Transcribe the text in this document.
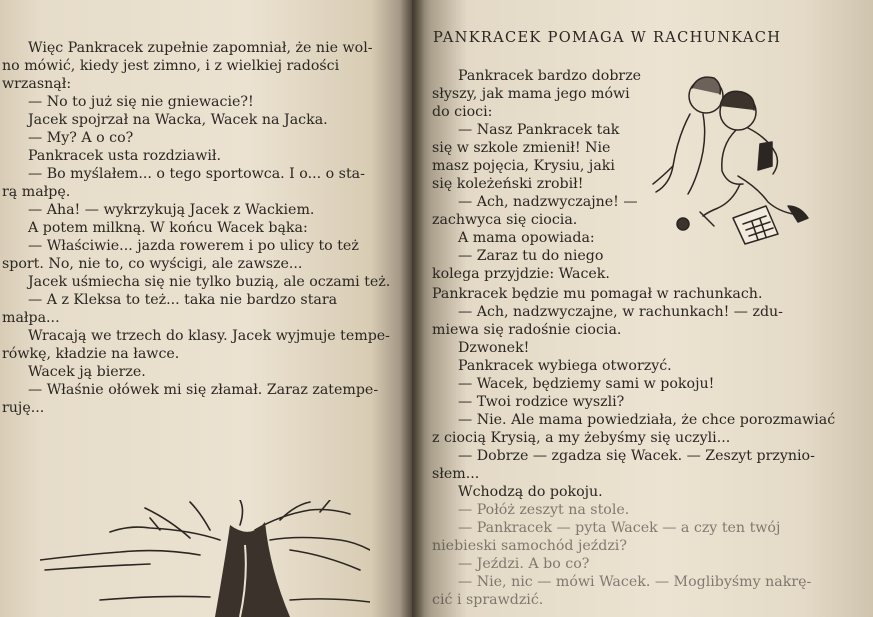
Więc Pankracek zupełnie zapomniał, że nie wol-
no mówić, kiedy jest zimno, i z wielkiej radości
wrzasnął:
— No to już się nie gniewacie?!
Jacek spojrzał na Wacka, Wacek na Jacka.
— My? A o co?
Pankracek usta rozdziawił.
— Bo myślałem... o tego sportowca. I o... o sta-
rą małpę.
— Aha! — wykrzykują Jacek z Wackiem.
A potem milkną. W końcu Wacek bąka:
— Właściwie... jazda rowerem i po ulicy to też
sport. No, nie to, co wyścigi, ale zawsze...
Jacek uśmiecha się nie tylko buzią, ale oczami też.
— A z Kleksa to też... taka nie bardzo stara
małpa...
Wracają we trzech do klasy. Jacek wyjmuje tempe-
rówkę, kładzie na ławce.
Wacek ją bierze.
— Właśnie ołówek mi się złamał. Zaraz zatempe-
ruję...
PANKRACEK POMAGA W RACHUNKACH
Pankracek bardzo dobrze
słyszy, jak mama jego mówi
do cioci:
— Nasz Pankracek tak
się w szkole zmienił! Nie
masz pojęcia, Krysiu, jaki
się koleżeński zrobił!
— Ach, nadzwyczajne! —
zachwyca się ciocia.
A mama opowiada:
— Zaraz tu do niego
kolega przyjdzie: Wacek.
Pankracek będzie mu pomagał w rachunkach.
— Ach, nadzwyczajne, w rachunkach! — zdu-
miewa się radośnie ciocia.
Dzwonek!
Pankracek wybiega otworzyć.
— Wacek, będziemy sami w pokoju!
— Twoi rodzice wyszli?
— Nie. Ale mama powiedziała, że chce porozmawiać
z ciocią Krysią, a my żebyśmy się uczyli...
— Dobrze — zgadza się Wacek. — Zeszyt przynio-
słem...
Wchodzą do pokoju.
— Połóż zeszyt na stole.
— Pankracek — pyta Wacek — a czy ten twój
niebieski samochód jeździ?
— Jeździ. A bo co?
— Nie, nic — mówi Wacek. — Moglibyśmy nakrę-
cić i sprawdzić.
